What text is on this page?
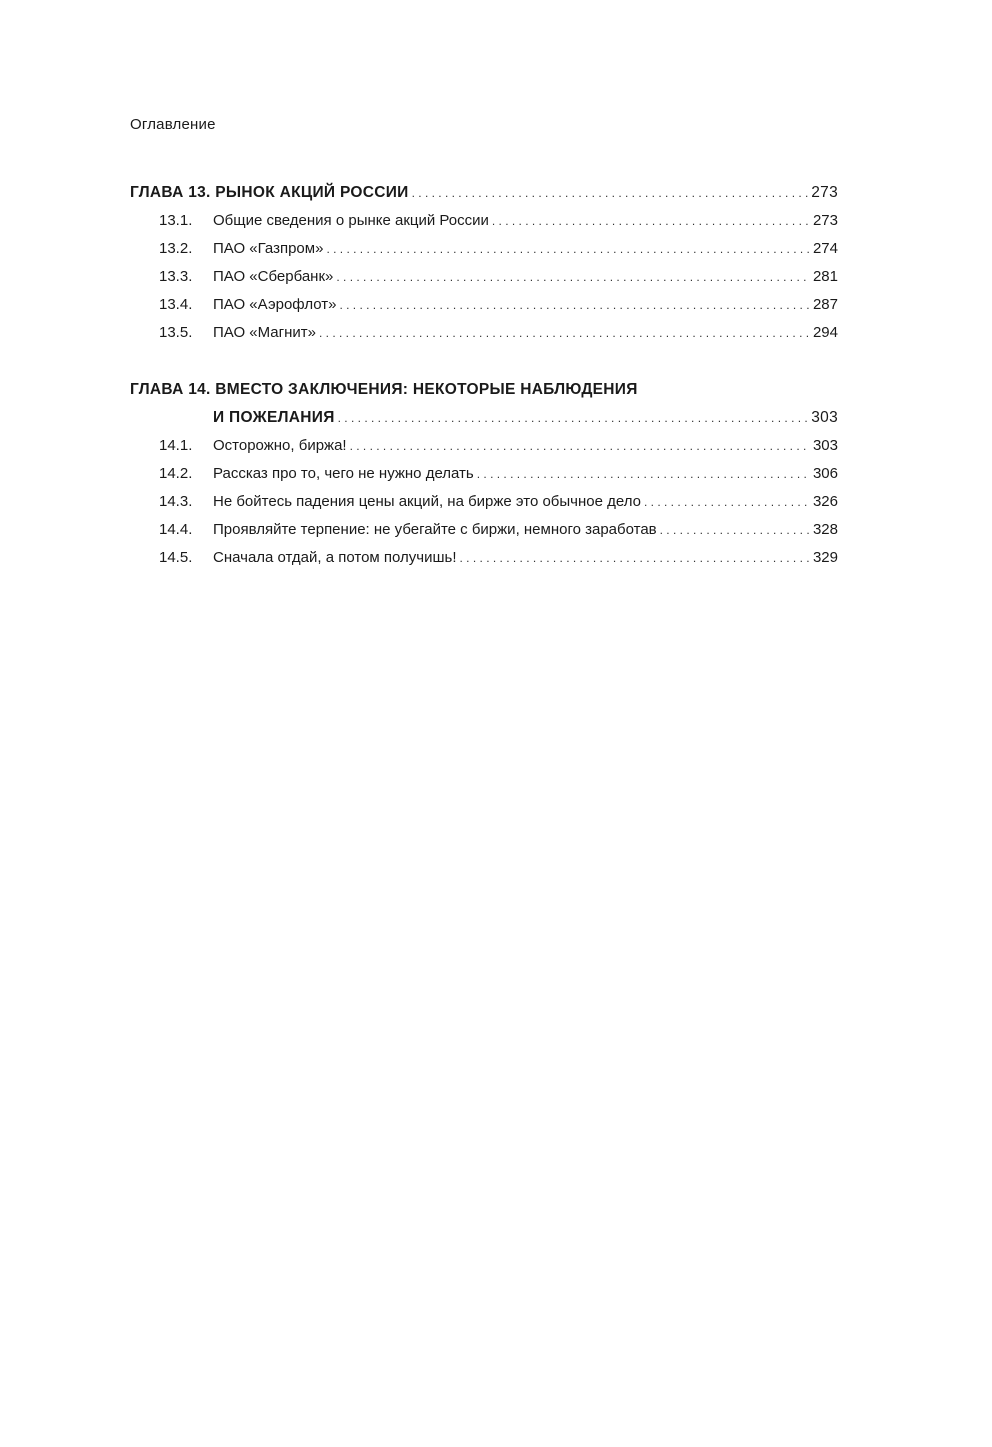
Оглавление
ГЛАВА 13 . РЫНОК АКЦИЙ РОССИИ . . .	273
13.1.	Общие сведения о рынке акций России . . .	273
13.2.	ПАО «Газпром» . . .	274
13.3.	ПАО «Сбербанк» . . .	281
13.4.	ПАО «Аэрофлот» . . .	287
13.5.	ПАО «Магнит» . . .	294
ГЛАВА 14 . ВМЕСТО ЗАКЛЮЧЕНИЯ: НЕКОТОРЫЕ НАБЛЮДЕНИЯ
И ПОЖЕЛАНИЯ . . .	303
14.1.	Осторожно, биржа! . . .	303
14.2.	Рассказ про то, чего не нужно делать . . .	306
14.3.	Не бойтесь падения цены акций, на бирже это обычное дело . . .	326
14.4.	Проявляйте терпение: не убегайте с биржи, немного заработав . . .	328
14.5.	Сначала отдай, а потом получишь! . . .	329
